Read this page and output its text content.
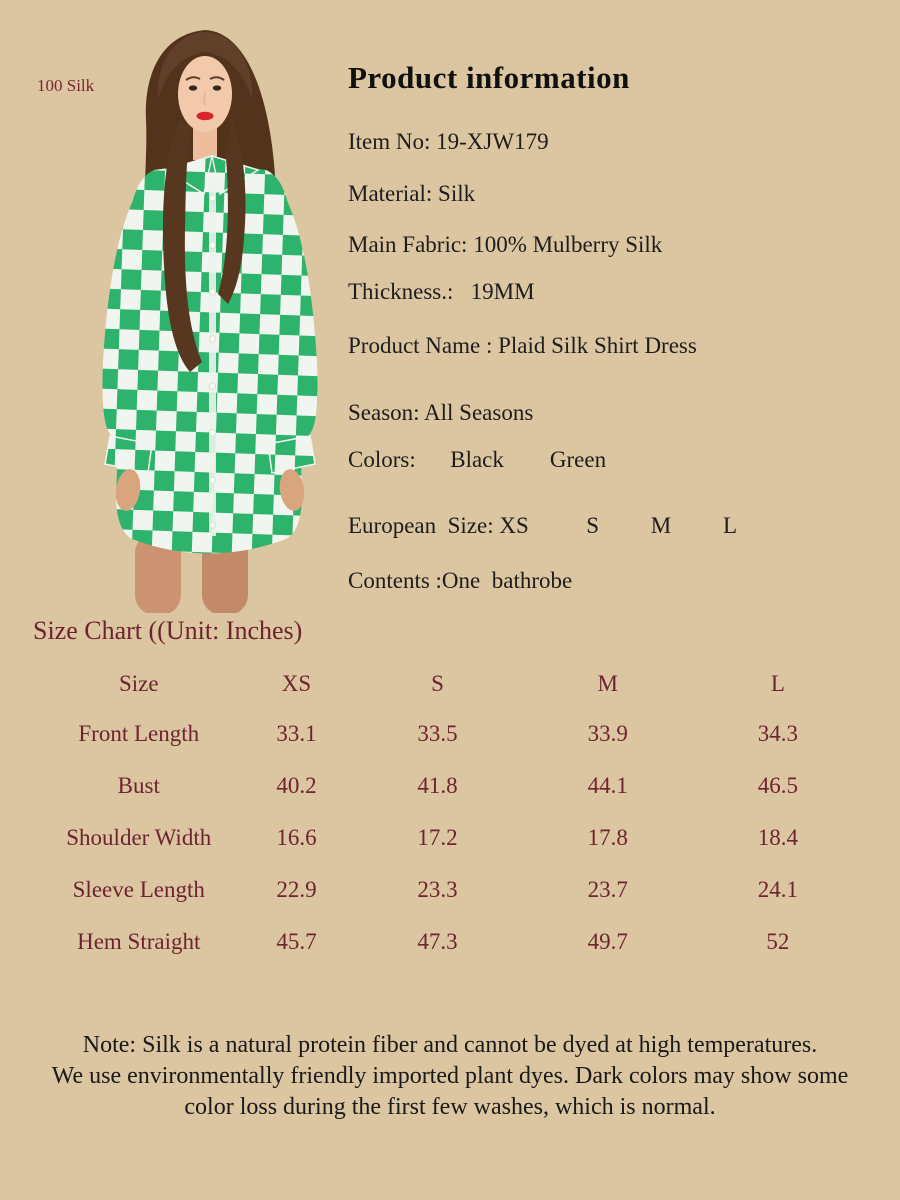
100 Silk	Product information

Item No: 19-XJW179

Material: Silk

Main Fabric: 100% Mulberry Silk

Thickness.:   19MM

Product Name : Plaid Silk Shirt Dress

Season: All Seasons

Colors:      Black        Green

European  Size: XS          S         M         L

Contents :One  bathrobe

Size Chart ((Unit: Inches)
Size	XS	S	M	L
Front Length	33.1	33.5	33.9	34.3
Bust	40.2	41.8	44.1	46.5
Shoulder Width	16.6	17.2	17.8	18.4
Sleeve Length	22.9	23.3	23.7	24.1
Hem Straight	45.7	47.3	49.7	52

Note: Silk is a natural protein fiber and cannot be dyed at high temperatures.

We use environmentally friendly imported plant dyes. Dark colors may show some color loss during the first few washes, which is normal.
